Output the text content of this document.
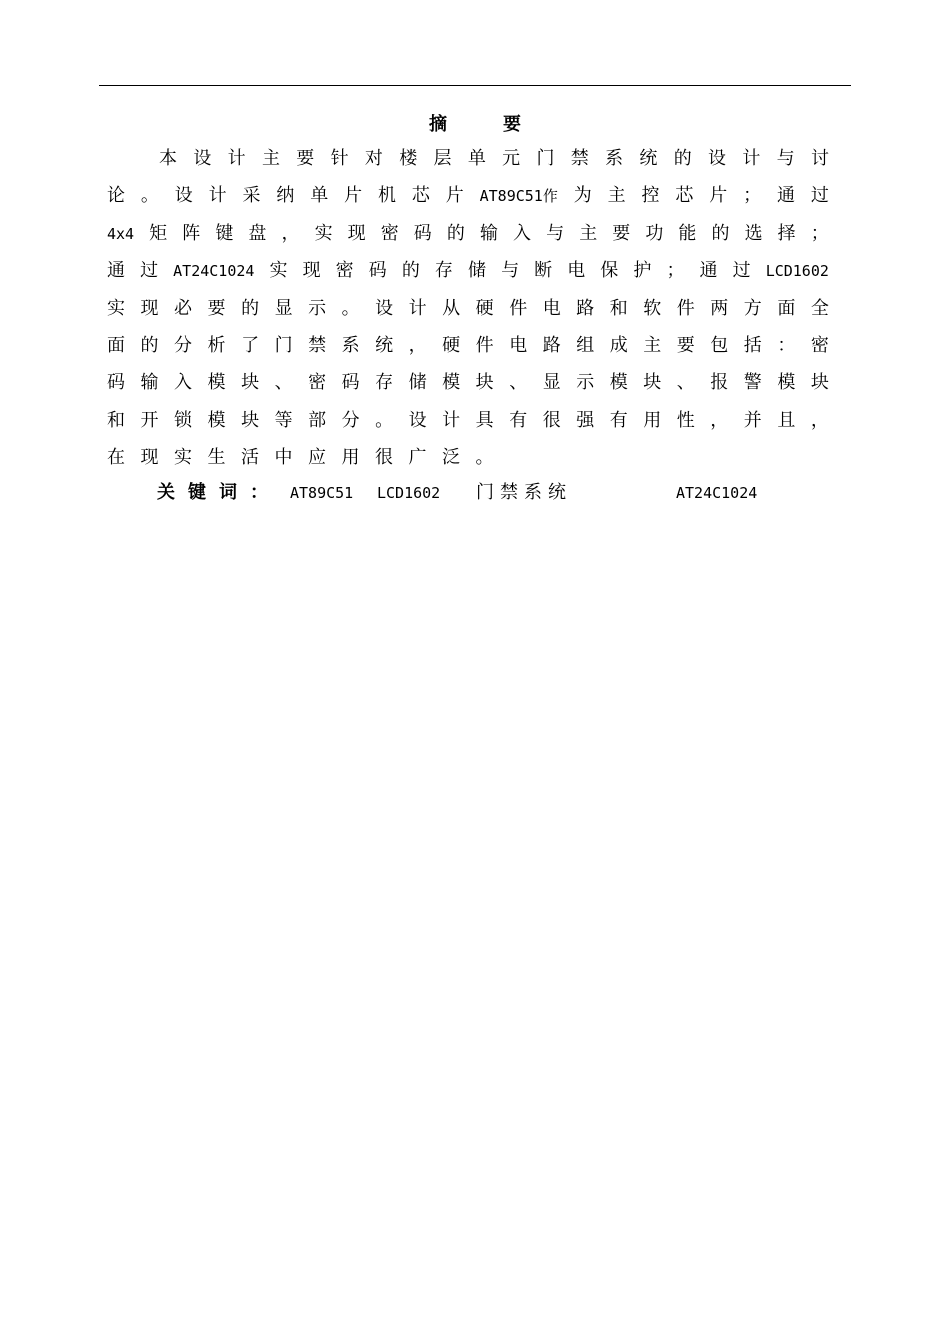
摘要
本 设 计 主 要 针 对 楼 层 单 元 门 禁 系 统 的 设 计 与 讨
论 。 设 计 采 纳 单 片 机 芯 片 AT89C51作 为 主 控 芯 片 ； 通 过
4x4 矩 阵 键 盘 ， 实 现 密 码 的 输 入 与 主 要 功 能 的 选 择 ；
通 过 AT24C1024 实 现 密 码 的 存 储 与 断 电 保 护 ； 通 过 LCD1602
实 现 必 要 的 显 示 。 设 计 从 硬 件 电 路 和 软 件 两 方 面 全
面 的 分 析 了 门 禁 系 统 ， 硬 件 电 路 组 成 主 要 包 括 ： 密
码 输 入 模 块 、 密 码 存 储 模 块 、 显 示 模 块 、 报 警 模 块
和 开 锁 模 块 等 部 分 。 设 计 具 有 很 强 有 用 性 ， 并 且 ，
在 现 实 生 活 中 应 用 很 广 泛 。
关键词： AT89C51 LCD1602 门禁系统	AT24C1024
